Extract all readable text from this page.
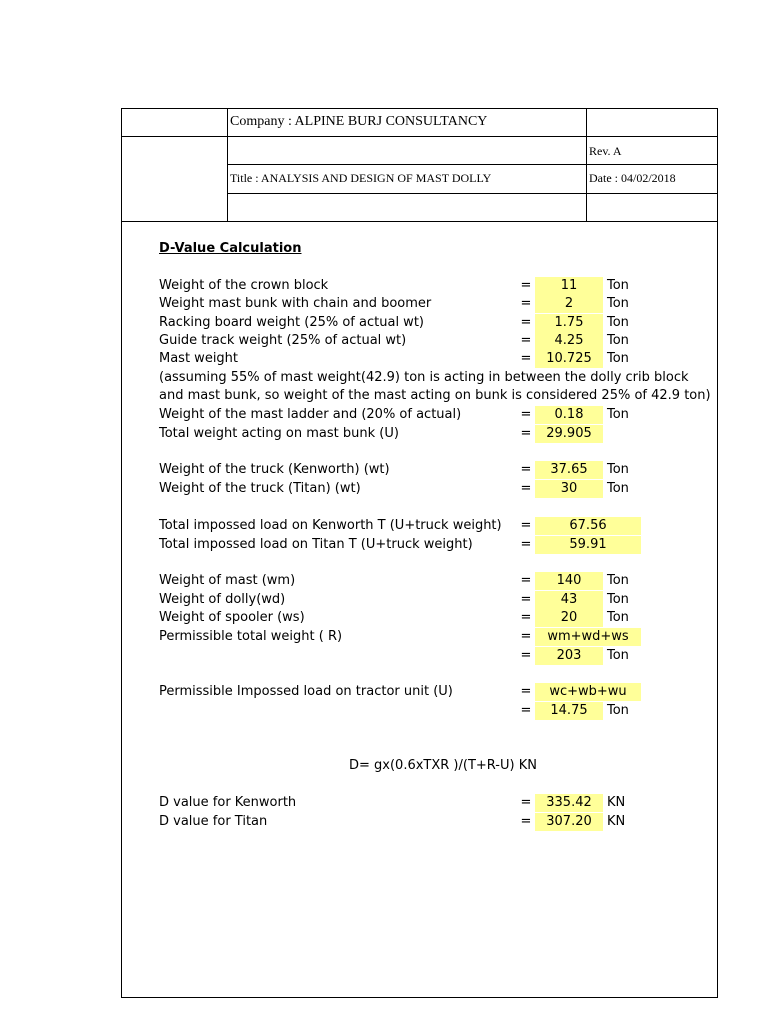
Company : ALPINE BURJ CONSULTANCY
Rev. A
Title : ANALYSIS AND DESIGN OF MAST DOLLY	Date : 04/02/2018
D-Value Calculation
Weight of the crown block	=	11	Ton
Weight mast bunk with chain and boomer	=	2	Ton
Racking board weight (25% of actual wt)	=	1.75	Ton
Guide track weight (25% of actual wt)	=	4.25	Ton
Mast weight	=	10.725	Ton
(assuming 55% of mast weight(42.9) ton is acting in between the dolly crib block
and mast bunk, so weight of the mast acting on bunk is considered 25% of 42.9 ton)
Weight of the mast ladder and (20% of actual)	=	0.18	Ton
Total weight acting on mast bunk (U)	=	29.905
Weight of the truck (Kenworth) (wt)	=	37.65	Ton
Weight of the truck (Titan) (wt)	=	30	Ton
Total impossed load on Kenworth T (U+truck weight) =	67.56
Total impossed load on Titan T (U+truck weight)	=	59.91
Weight of mast (wm)	=	140	Ton
Weight of dolly(wd)	=	43	Ton
Weight of spooler (ws)	=	20	Ton
Permissible total weight ( R)	=	wm+wd+ws
=	203	Ton
Permissible Impossed load on tractor unit (U)	=	wc+wb+wu
=	14.75	Ton
D= gx(0.6xTXR )/(T+R-U) KN
D value for Kenworth	=	335.42	KN
D value for Titan	=	307.20	KN
